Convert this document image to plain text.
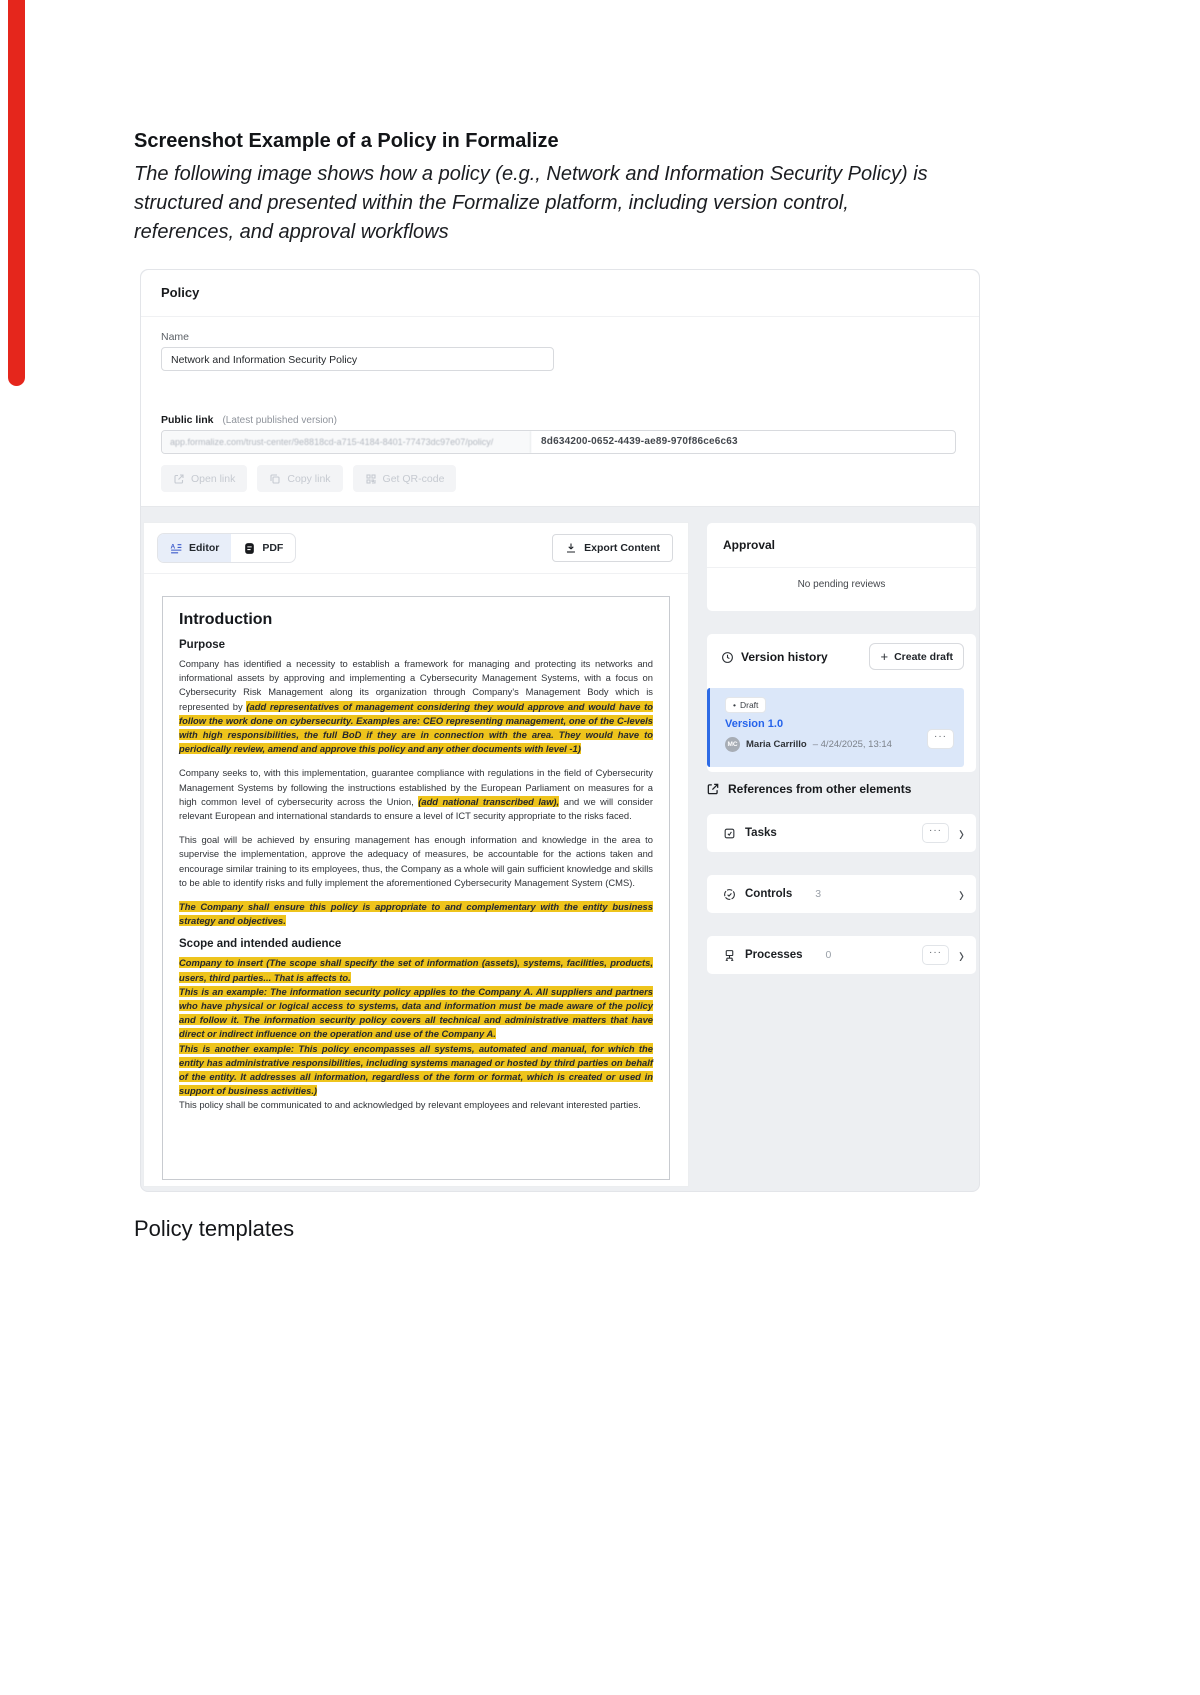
Screenshot Example of a Policy in Formalize
The following image shows how a policy (e.g., Network and Information Security Policy) is structured and presented within the Formalize platform, including version control, references, and approval workflows
Policy
Name
Network and Information Security Policy
Public link (Latest published version)
app.formalize.com/trust-center/9e8818cd-a715-4184-8401-77473dc97e07/policy/	8d634200-0652-4439-ae89-970f86ce6c63
Open link	Copy link	Get QR-code
A Editor	PDF	Export Content
Introduction
Purpose

Company has identified a necessity to establish a framework for managing and protecting its networks and informational assets by approving and implementing a Cybersecurity Management Systems, with a focus on Cybersecurity Risk Management along its organization through Company's Management Body which is represented by (add representatives of management considering they would approve and would have to follow the work done on cybersecurity. Examples are: CEO representing management, one of the C-levels with high responsibilities, the full BoD if they are in connection with the area. They would have to periodically review, amend and approve this policy and any other documents with level -1)

Company seeks to, with this implementation, guarantee compliance with regulations in the field of Cybersecurity Management Systems by following the instructions established by the European Parliament on measures for a high common level of cybersecurity across the Union, (add national transcribed law), and we will consider relevant European and international standards to ensure a level of ICT security appropriate to the risks faced.

This goal will be achieved by ensuring management has enough information and knowledge in the area to supervise the implementation, approve the adequacy of measures, be accountable for the actions taken and encourage similar training to its employees, thus, the Company as a whole will gain sufficient knowledge and skills to be able to identify risks and fully implement the aforementioned Cybersecurity Management System (CMS).

The Company shall ensure this policy is appropriate to and complementary with the entity business strategy and objectives.

Scope and intended audience
Company to insert (The scope shall specify the set of information (assets), systems, facilities, products, users, third parties... That is affects to.
This is an example: The information security policy applies to the Company A. All suppliers and partners who have physical or logical access to systems, data and information must be made aware of the policy and follow it. The information security policy covers all technical and administrative matters that have direct or indirect influence on the operation and use of the Company A.
This is another example: This policy encompasses all systems, automated and manual, for which the entity has administrative responsibilities, including systems managed or hosted by third parties on behalf of the entity. It addresses all information, regardless of the form or format, which is created or used in support of business activities.)
This policy shall be communicated to and acknowledged by relevant employees and relevant interested parties.
Approval
No pending reviews
Version history	+ Create draft
• Draft
Version 1.0
MC Maria Carrillo – 4/24/2025, 13:14
···
References from other elements
Tasks	···	›
Controls 3	›
Processes 0	···	›
Policy templates
